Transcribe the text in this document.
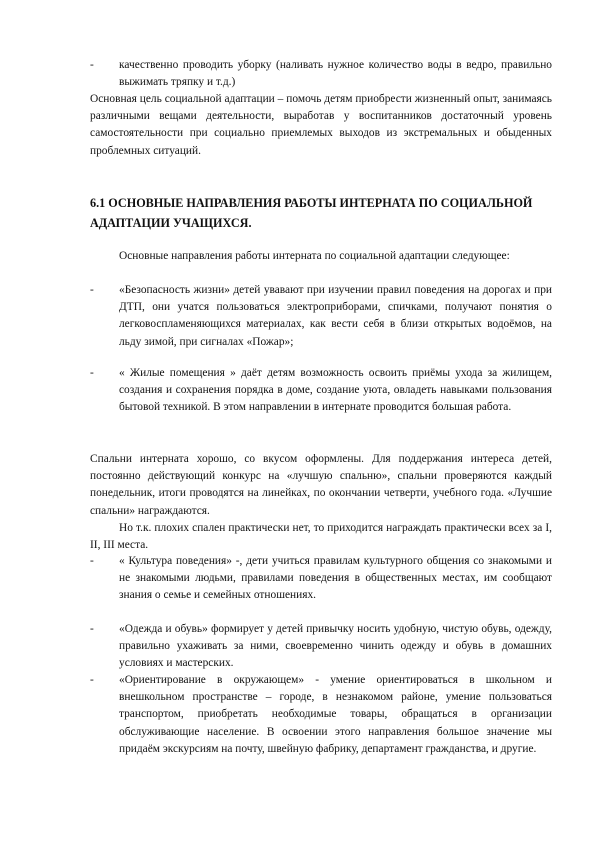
-	качественно проводить уборку (наливать нужное количество воды в ведро, правильно выжимать тряпку и т.д.)

Основная цель социальной адаптации – помочь детям приобрести жизненный опыт, занимаясь различными вещами деятельности, выработав у воспитанников достаточный уровень самостоятельности при социально приемлемых выходов из экстремальных и обыденных проблемных ситуаций.

6.1 ОСНОВНЫЕ НАПРАВЛЕНИЯ РАБОТЫ ИНТЕРНАТА ПО СОЦИАЛЬНОЙ АДАПТАЦИИ УЧАЩИХСЯ.

Основные направления работы интерната по социальной адаптации следующее:

-	«Безопасность жизни» детей увавают при изучении правил поведения на дорогах и при ДТП, они учатся пользоваться электроприборами, спичками, получают понятия о легковоспламеняющихся материалах, как вести себя в близи открытых водоёмов, на льду зимой, при сигналах «Пожар»;
-	« Жилые помещения » даёт детям возможность освоить приёмы ухода за жилищем, создания и сохранения порядка в доме, создание уюта, овладеть навыками пользования бытовой техникой. В этом направлении в интернате проводится большая работа.

Спальни интерната хорошо, со вкусом оформлены. Для поддержания интереса детей, постоянно действующий конкурс на «лучшую спальню», спальни проверяются каждый понедельник, итоги проводятся на линейках, по окончании четверти, учебного года. «Лучшие спальни» награждаются.

Но т.к. плохих спален практически нет, то приходится награждать практически всех за I, II, III места.

-	« Культура поведения» -, дети учиться правилам культурного общения со знакомыми и не знакомыми людьми, правилами поведения в общественных местах, им сообщают знания о семье и семейных отношениях.
-	«Одежда и обувь» формирует у детей привычку носить удобную, чистую обувь, одежду, правильно ухаживать за ними, своевременно чинить одежду и обувь в домашних условиях и мастерских.
-	«Ориентирование в окружающем» - умение ориентироваться в школьном и внешкольном пространстве – городе, в незнакомом районе, умение пользоваться транспортом, приобретать необходимые товары, обращаться в организации обслуживающие население. В освоении этого направления большое значение мы придаём экскурсиям на почту, швейную фабрику, департамент гражданства, и другие.
